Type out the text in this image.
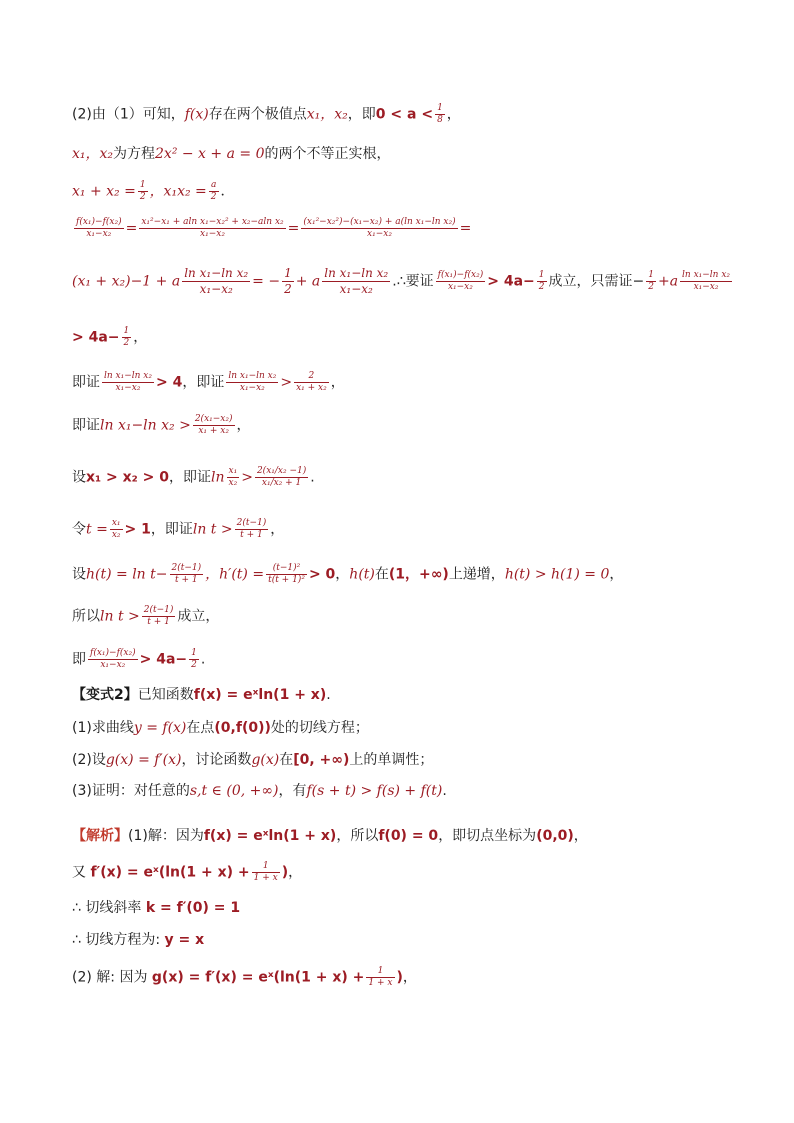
(2)由（1）可知，f(x)存在两个极值点x₁，x₂，即$0 < a < \frac{1}{8}$ ，
x₁，x₂为方程2x² − x + a = 0的两个不等正实根，
$x_1 + x_2 = \frac{1}{2}$ ，$x_1x_2 = \frac{a}{2}$ ．
$\frac{\text{f(x₁)−f(x₂)}}{\text{x₁−x₂}} = \frac{\text{x₁²−x₁ + aln x₁−x₂² + x₂−aln x₂}}{\text{x₁−x₂}} = \frac{\text{(x₁²−x₂²)−(x₁−x₂) + a(ln x₁−ln x₂)}}{\text{x₁−x₂}}$ =
(x₁ + x₂)−1 + a $\frac{\text{ln x₁−ln x₂}}{\text{x₁−x₂}}$ = − $\frac{1}{2} + a \frac{\text{ln x₁−ln x₂}}{\text{x₁−x₂}}$ .∴要证 $\frac{\text{f(x₁)−f(x₂)}}{\text{x₁−x₂}} > 4a- \frac{1}{2}$ 成立，只需证− $\frac{1}{2} +a \frac{\text{ln x₁−ln x₂}}{\text{x₁−x₂}}$
> $4a- \frac{1}{2}$ ，
即证 $\frac{\text{ln x₁−ln x₂}}{\text{x₁−x₂}} > 4$，即证 $\frac{\text{ln x₁−ln x₂}}{\text{x₁−x₂}} > \frac{2}{\text{x₁ + x₂}}$ ，
即证ln x₁−ln $x_2 > \frac{\text{2(x₁−x₂)}}{\text{x₁ + x₂}}$ ，
设x₁ > x₂ > 0，即证$\ln \frac{\text{x₁}}{\text{x₂}} > \frac{\text{2(x₁/x₂ −1)}}{\text{x₁/x₂ + 1}}$ .
令$t = \frac{\text{x₁}}{\text{x₂}} > 1$，即证$\ln t > \frac{2(t-1)}{t + 1}$ ，
设$h(t) = \ln t- \frac{2(t-1)}{t + 1}$ ，$h'(t) = \frac{\text{(t−1)²}}{\text{t(t + 1)²}} > 0$，h(t)在(1，+∞)上递增，h(t) > h(1) = 0，
所以$\ln t > \frac{2(t-1)}{t + 1}$ 成立，
即 $\frac{\text{f(x₁)−f(x₂)}}{\text{x₁−x₂}} > 4a- \frac{1}{2}$ .
【变式2】已知函数f(x) = eˣln(1 + x).
(1)求曲线y = f(x)在点(0,f(0))处的切线方程；
(2)设g(x) = f′(x)，讨论函数g(x)在[0, +∞)上的单调性；
(3)证明：对任意的s,t ∈ (0, +∞)，有f(s + t) > f(s) + f(t).
【解析】(1)解：因为f(x) = eˣln(1 + x)，所以f(0) = 0，即切点坐标为(0,0)，
又 f′(x) = eˣ(ln(1 + $x) + \frac{1}{1 + x}$ )，
∴ 切线斜率 k = f′(0) = 1
∴ 切线方程为: y = x
(2) 解: 因为 g(x) = f′(x) = eˣ(ln(1 + $x) + \frac{1}{1 + x}$ )，
